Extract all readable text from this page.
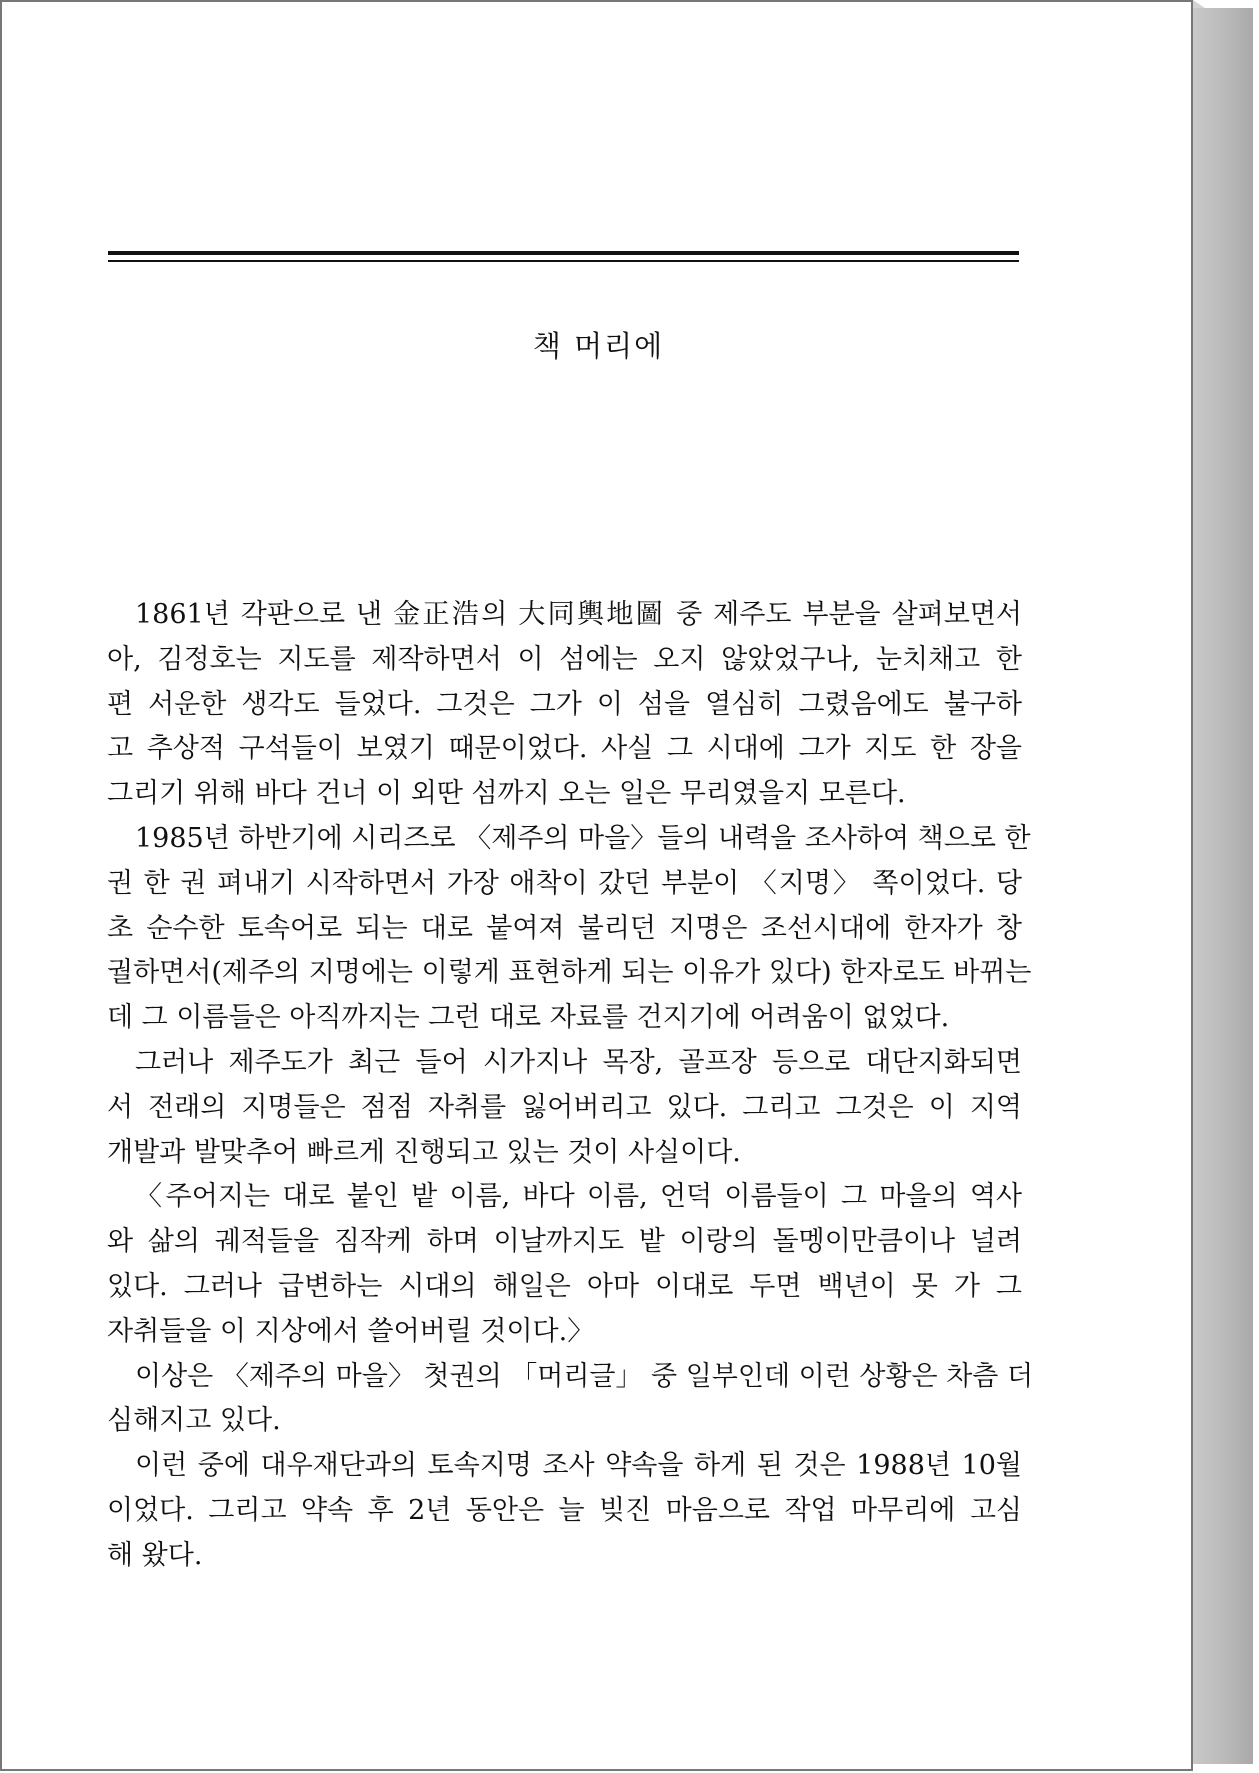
책 머리에
1861년 각판으로 낸 金正浩의 大同輿地圖 중 제주도 부분을 살펴보면서
아, 김정호는 지도를 제작하면서 이 섬에는 오지 않았었구나, 눈치채고 한
편 서운한 생각도 들었다. 그것은 그가 이 섬을 열심히 그렸음에도 불구하
고 추상적 구석들이 보였기 때문이었다. 사실 그 시대에 그가 지도 한 장을
그리기 위해 바다 건너 이 외딴 섬까지 오는 일은 무리였을지 모른다.
1985년 하반기에 시리즈로 〈제주의 마을〉들의 내력을 조사하여 책으로 한
권 한 권 펴내기 시작하면서 가장 애착이 갔던 부분이 〈지명〉 쪽이었다. 당
초 순수한 토속어로 되는 대로 붙여져 불리던 지명은 조선시대에 한자가 창
궐하면서(제주의 지명에는 이렇게 표현하게 되는 이유가 있다) 한자로도 바뀌는
데 그 이름들은 아직까지는 그런 대로 자료를 건지기에 어려움이 없었다.
그러나 제주도가 최근 들어 시가지나 목장, 골프장 등으로 대단지화되면
서 전래의 지명들은 점점 자취를 잃어버리고 있다. 그리고 그것은 이 지역
개발과 발맞추어 빠르게 진행되고 있는 것이 사실이다.
〈주어지는 대로 붙인 밭 이름, 바다 이름, 언덕 이름들이 그 마을의 역사
와 삶의 궤적들을 짐작케 하며 이날까지도 밭 이랑의 돌멩이만큼이나 널려
있다. 그러나 급변하는 시대의 해일은 아마 이대로 두면 백년이 못 가 그
자취들을 이 지상에서 쓸어버릴 것이다.〉
이상은 〈제주의 마을〉 첫권의 「머리글」 중 일부인데 이런 상황은 차츰 더
심해지고 있다.
이런 중에 대우재단과의 토속지명 조사 약속을 하게 된 것은 1988년 10월
이었다. 그리고 약속 후 2년 동안은 늘 빚진 마음으로 작업 마무리에 고심
해 왔다.
